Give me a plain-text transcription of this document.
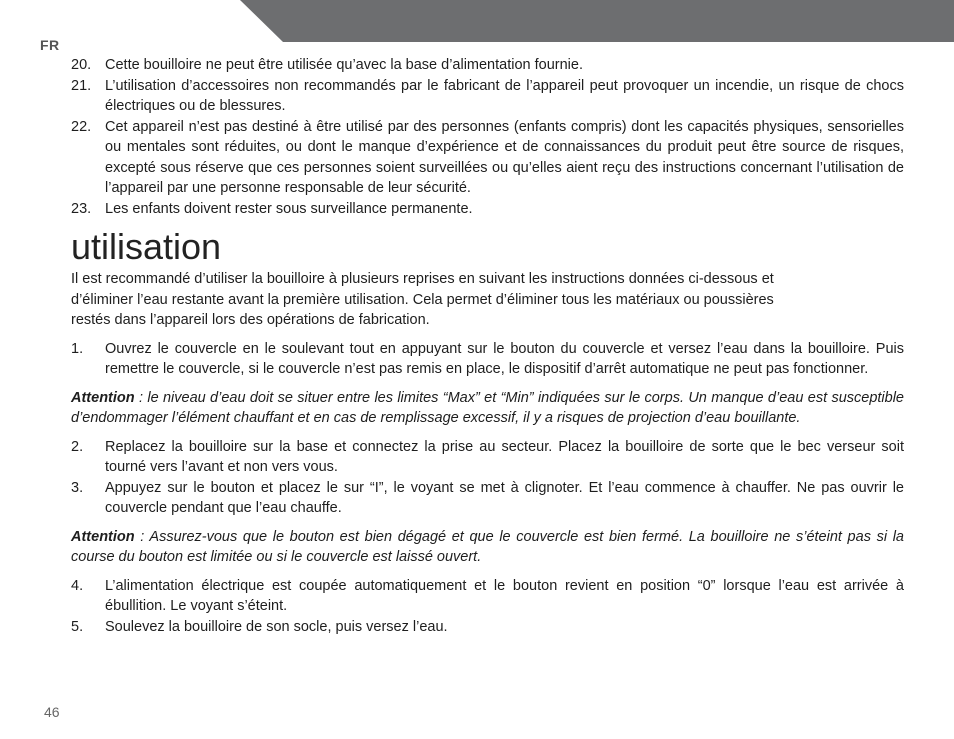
FR
20. Cette bouilloire ne peut être utilisée qu’avec la base d’alimentation fournie.
21. L’utilisation d’accessoires non recommandés par le fabricant de l’appareil peut provoquer un incendie, un risque de chocs électriques ou de blessures.
22. Cet appareil n’est pas destiné à être utilisé par des personnes (enfants compris) dont les capacités physiques, sensorielles ou mentales sont réduites, ou dont le manque d’expérience et de connaissances du produit peut être source de risques, excepté sous réserve que ces personnes soient surveillées ou qu’elles aient reçu des instructions concernant l’utilisation de l’appareil par une personne responsable de leur sécurité.
23. Les enfants doivent rester sous surveillance permanente.
utilisation

Il est recommandé d’utiliser la bouilloire à plusieurs reprises en suivant les instructions données ci-dessous et d’éliminer l’eau restante avant la première utilisation. Cela permet d’éliminer tous les matériaux ou poussières restés dans l’appareil lors des opérations de fabrication.

1.	Ouvrez le couvercle en le soulevant tout en appuyant sur le bouton du couvercle et versez l’eau dans la bouilloire. Puis remettre le couvercle, si le couvercle n’est pas remis en place, le dispositif d’arrêt automatique ne peut pas fonctionner.

Attention : le niveau d’eau doit se situer entre les limites “Max” et “Min” indiquées sur le corps. Un manque d’eau est susceptible d’endommager l’élément chauffant et en cas de remplissage excessif, il y a risques de projection d’eau bouillante.

2.	Replacez la bouilloire sur la base et connectez la prise au secteur. Placez la bouilloire de sorte que le bec verseur soit tourné vers l’avant et non vers vous.
3.	Appuyez sur le bouton et placez le sur “I”, le voyant se met à clignoter. Et l’eau commence à chauffer. Ne pas ouvrir le couvercle pendant que l’eau chauffe.

Attention : Assurez-vous que le bouton est bien dégagé et que le couvercle est bien fermé. La bouilloire ne s’éteint pas si la course du bouton est limitée ou si le couvercle est laissé ouvert.

4.	L’alimentation électrique est coupée automatiquement et le bouton revient en position “0” lorsque l’eau est arrivée à ébullition. Le voyant s’éteint.
5.	Soulevez la bouilloire de son socle, puis versez l’eau.
46
